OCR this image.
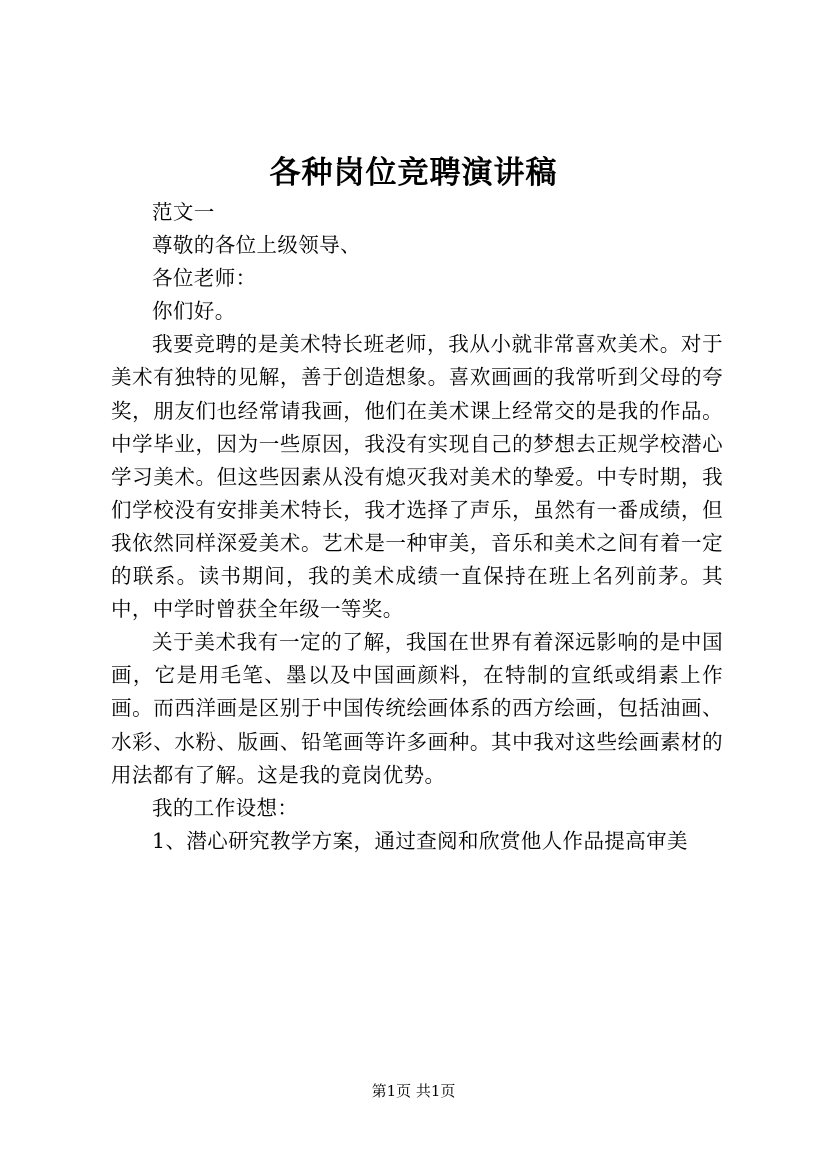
各种岗位竞聘演讲稿

范文一

尊敬的各位上级领导、

各位老师：

你们好。

我要竞聘的是美术特长班老师，我从小就非常喜欢美术。对于美术有独特的见解，善于创造想象。喜欢画画的我常听到父母的夸奖，朋友们也经常请我画，他们在美术课上经常交的是我的作品。中学毕业，因为一些原因，我没有实现自己的梦想去正规学校潜心学习美术。但这些因素从没有熄灭我对美术的挚爱。中专时期，我们学校没有安排美术特长，我才选择了声乐，虽然有一番成绩，但我依然同样深爱美术。艺术是一种审美，音乐和美术之间有着一定的联系。读书期间，我的美术成绩一直保持在班上名列前茅。其中，中学时曾获全年级一等奖。

关于美术我有一定的了解，我国在世界有着深远影响的是中国画，它是用毛笔、墨以及中国画颜料，在特制的宣纸或绢素上作画。而西洋画是区别于中国传统绘画体系的西方绘画，包括油画、水彩、水粉、版画、铅笔画等许多画种。其中我对这些绘画素材的用法都有了解。这是我的竟岗优势。

我的工作设想：

1、潜心研究教学方案，通过查阅和欣赏他人作品提高审美

第1页 共1页
